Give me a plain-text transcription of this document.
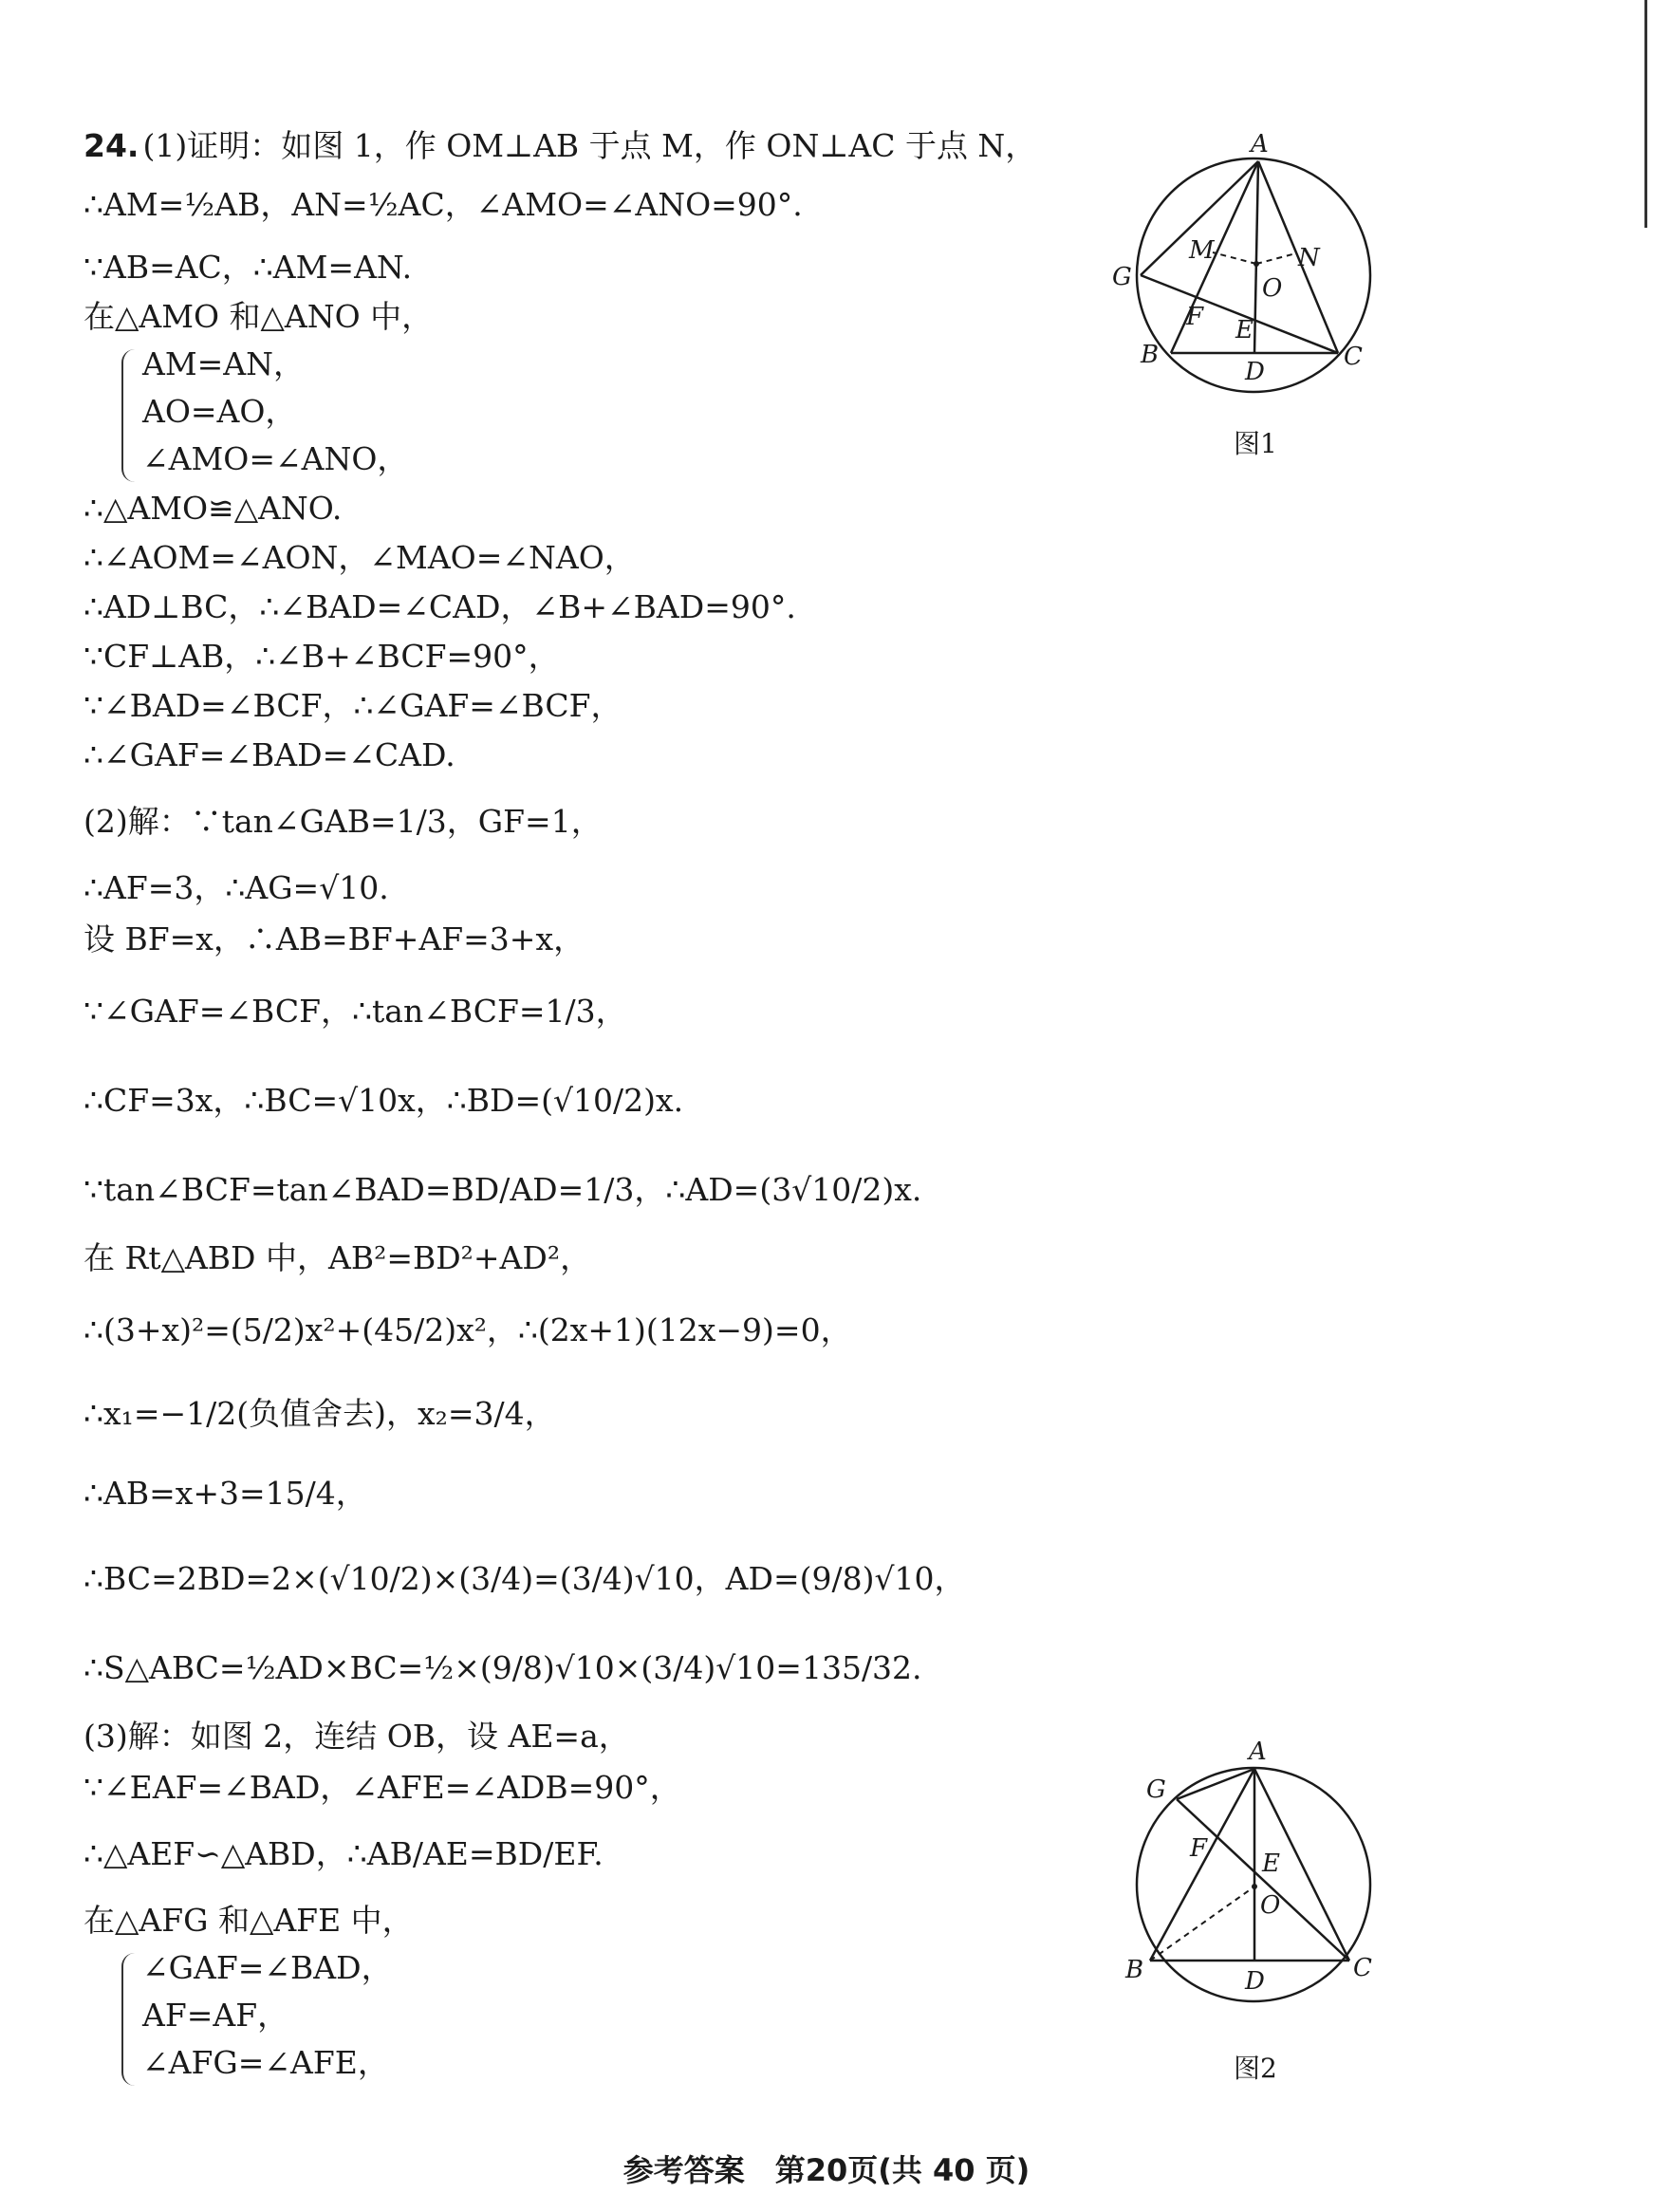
24. (1)证明：如图 1，作 OM⊥AB 于点 M，作 ON⊥AC 于点 N，
∴AM=½AB，AN=½AC，∠AMO=∠ANO=90°.
∵AB=AC，∴AM=AN.
在△AMO 和△ANO 中，
AM=AN，
AO=AO，
∠AMO=∠ANO，
∴△AMO≌△ANO.
∴∠AOM=∠AON，∠MAO=∠NAO，
∴AD⊥BC，∴∠BAD=∠CAD，∠B+∠BAD=90°.
∵CF⊥AB，∴∠B+∠BCF=90°，
∵∠BAD=∠BCF，∴∠GAF=∠BCF，
∴∠GAF=∠BAD=∠CAD.
(2)解：∵tan∠GAB=1/3，GF=1，
∴AF=3，∴AG=√10.
设 BF=x，∴AB=BF+AF=3+x，
∵∠GAF=∠BCF，∴tan∠BCF=1/3，
∴CF=3x，∴BC=√10x，∴BD=(√10/2)x.
∵tan∠BCF=tan∠BAD=BD/AD=1/3，∴AD=(3√10/2)x.
在 Rt△ABD 中，AB²=BD²+AD²，
∴(3+x)²=(5/2)x²+(45/2)x²，∴(2x+1)(12x−9)=0，
∴x₁=−1/2(负值舍去)，x₂=3/4，
∴AB=x+3=15/4，
∴BC=2BD=2×(√10/2)×(3/4)=(3/4)√10，AD=(9/8)√10，
∴S△ABC=½AD×BC=½×(9/8)√10×(3/4)√10=135/32.
(3)解：如图 2，连结 OB，设 AE=a，
∵∠EAF=∠BAD，∠AFE=∠ADB=90°，
∴△AEF∽△ABD，∴AB/AE=BD/EF.
在△AFG 和△AFE 中，
∠GAF=∠BAD，
AF=AF，
∠AFG=∠AFE，
A
M	N
G	O
F E
B
D
C
图1
A
G
F
E
O
B	D	C
图2
参考答案　第20页(共 40 页)
